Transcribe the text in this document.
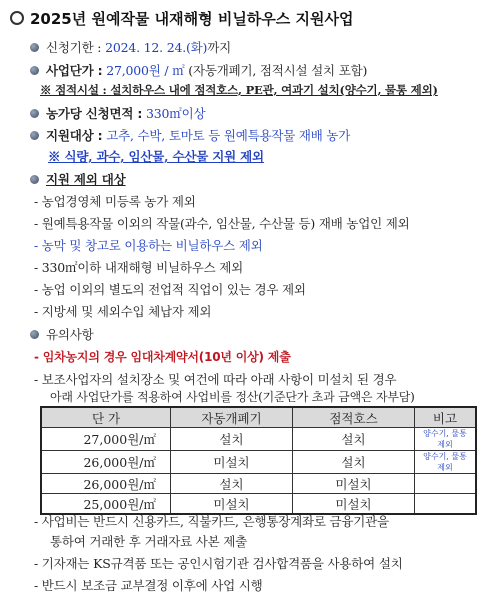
2025년 원예작물 내재해형 비닐하우스 지원사업
신청기한 : 2024. 12. 24.(화)까지
사업단가 : 27,000원 / ㎡ (자동개폐기, 점적시설 설치 포함)
※ 점적시설 : 설치하우스 내에 점적호스, PE관, 여과기 설치(양수기, 물통 제외)
농가당 신청면적 : 330㎡이상
지원대상 : 고추, 수박, 토마토 등 원예특용작물 재배 농가
※ 식량, 과수, 임산물, 수산물 지원 제외
지원 제외 대상
- 농업경영체 미등록 농가 제외
- 원예특용작물 이외의 작물(과수, 임산물, 수산물 등) 재배 농업인 제외
- 농막 및 창고로 이용하는 비닐하우스 제외
- 330㎡이하 내재해형 비닐하우스 제외
- 농업 이외의 별도의 전업적 직업이 있는 경우 제외
- 지방세 및 세외수입 체납자 제외
유의사항
- 임차농지의 경우 임대차계약서(10년 이상) 제출
- 보조사업자의 설치장소 및 여건에 따라 아래 사항이 미설치 된 경우
아래 사업단가를 적용하여 사업비를 정산(기준단가 초과 금액은 자부담)
단 가	자동개폐기	점적호스	비고
27,000원/㎡	설치	설치	양수기, 물통 제외
26,000원/㎡	미설치	설치	양수기, 물통 제외
26,000원/㎡	설치	미설치	
25,000원/㎡	미설치	미설치	
- 사업비는 반드시 신용카드, 직불카드, 은행통장계좌로 금융기관을
통하여 거래한 후 거래자료 사본 제출
- 기자재는 KS규격품 또는 공인시험기관 검사합격품을 사용하여 설치
- 반드시 보조금 교부결정 이후에 사업 시행
